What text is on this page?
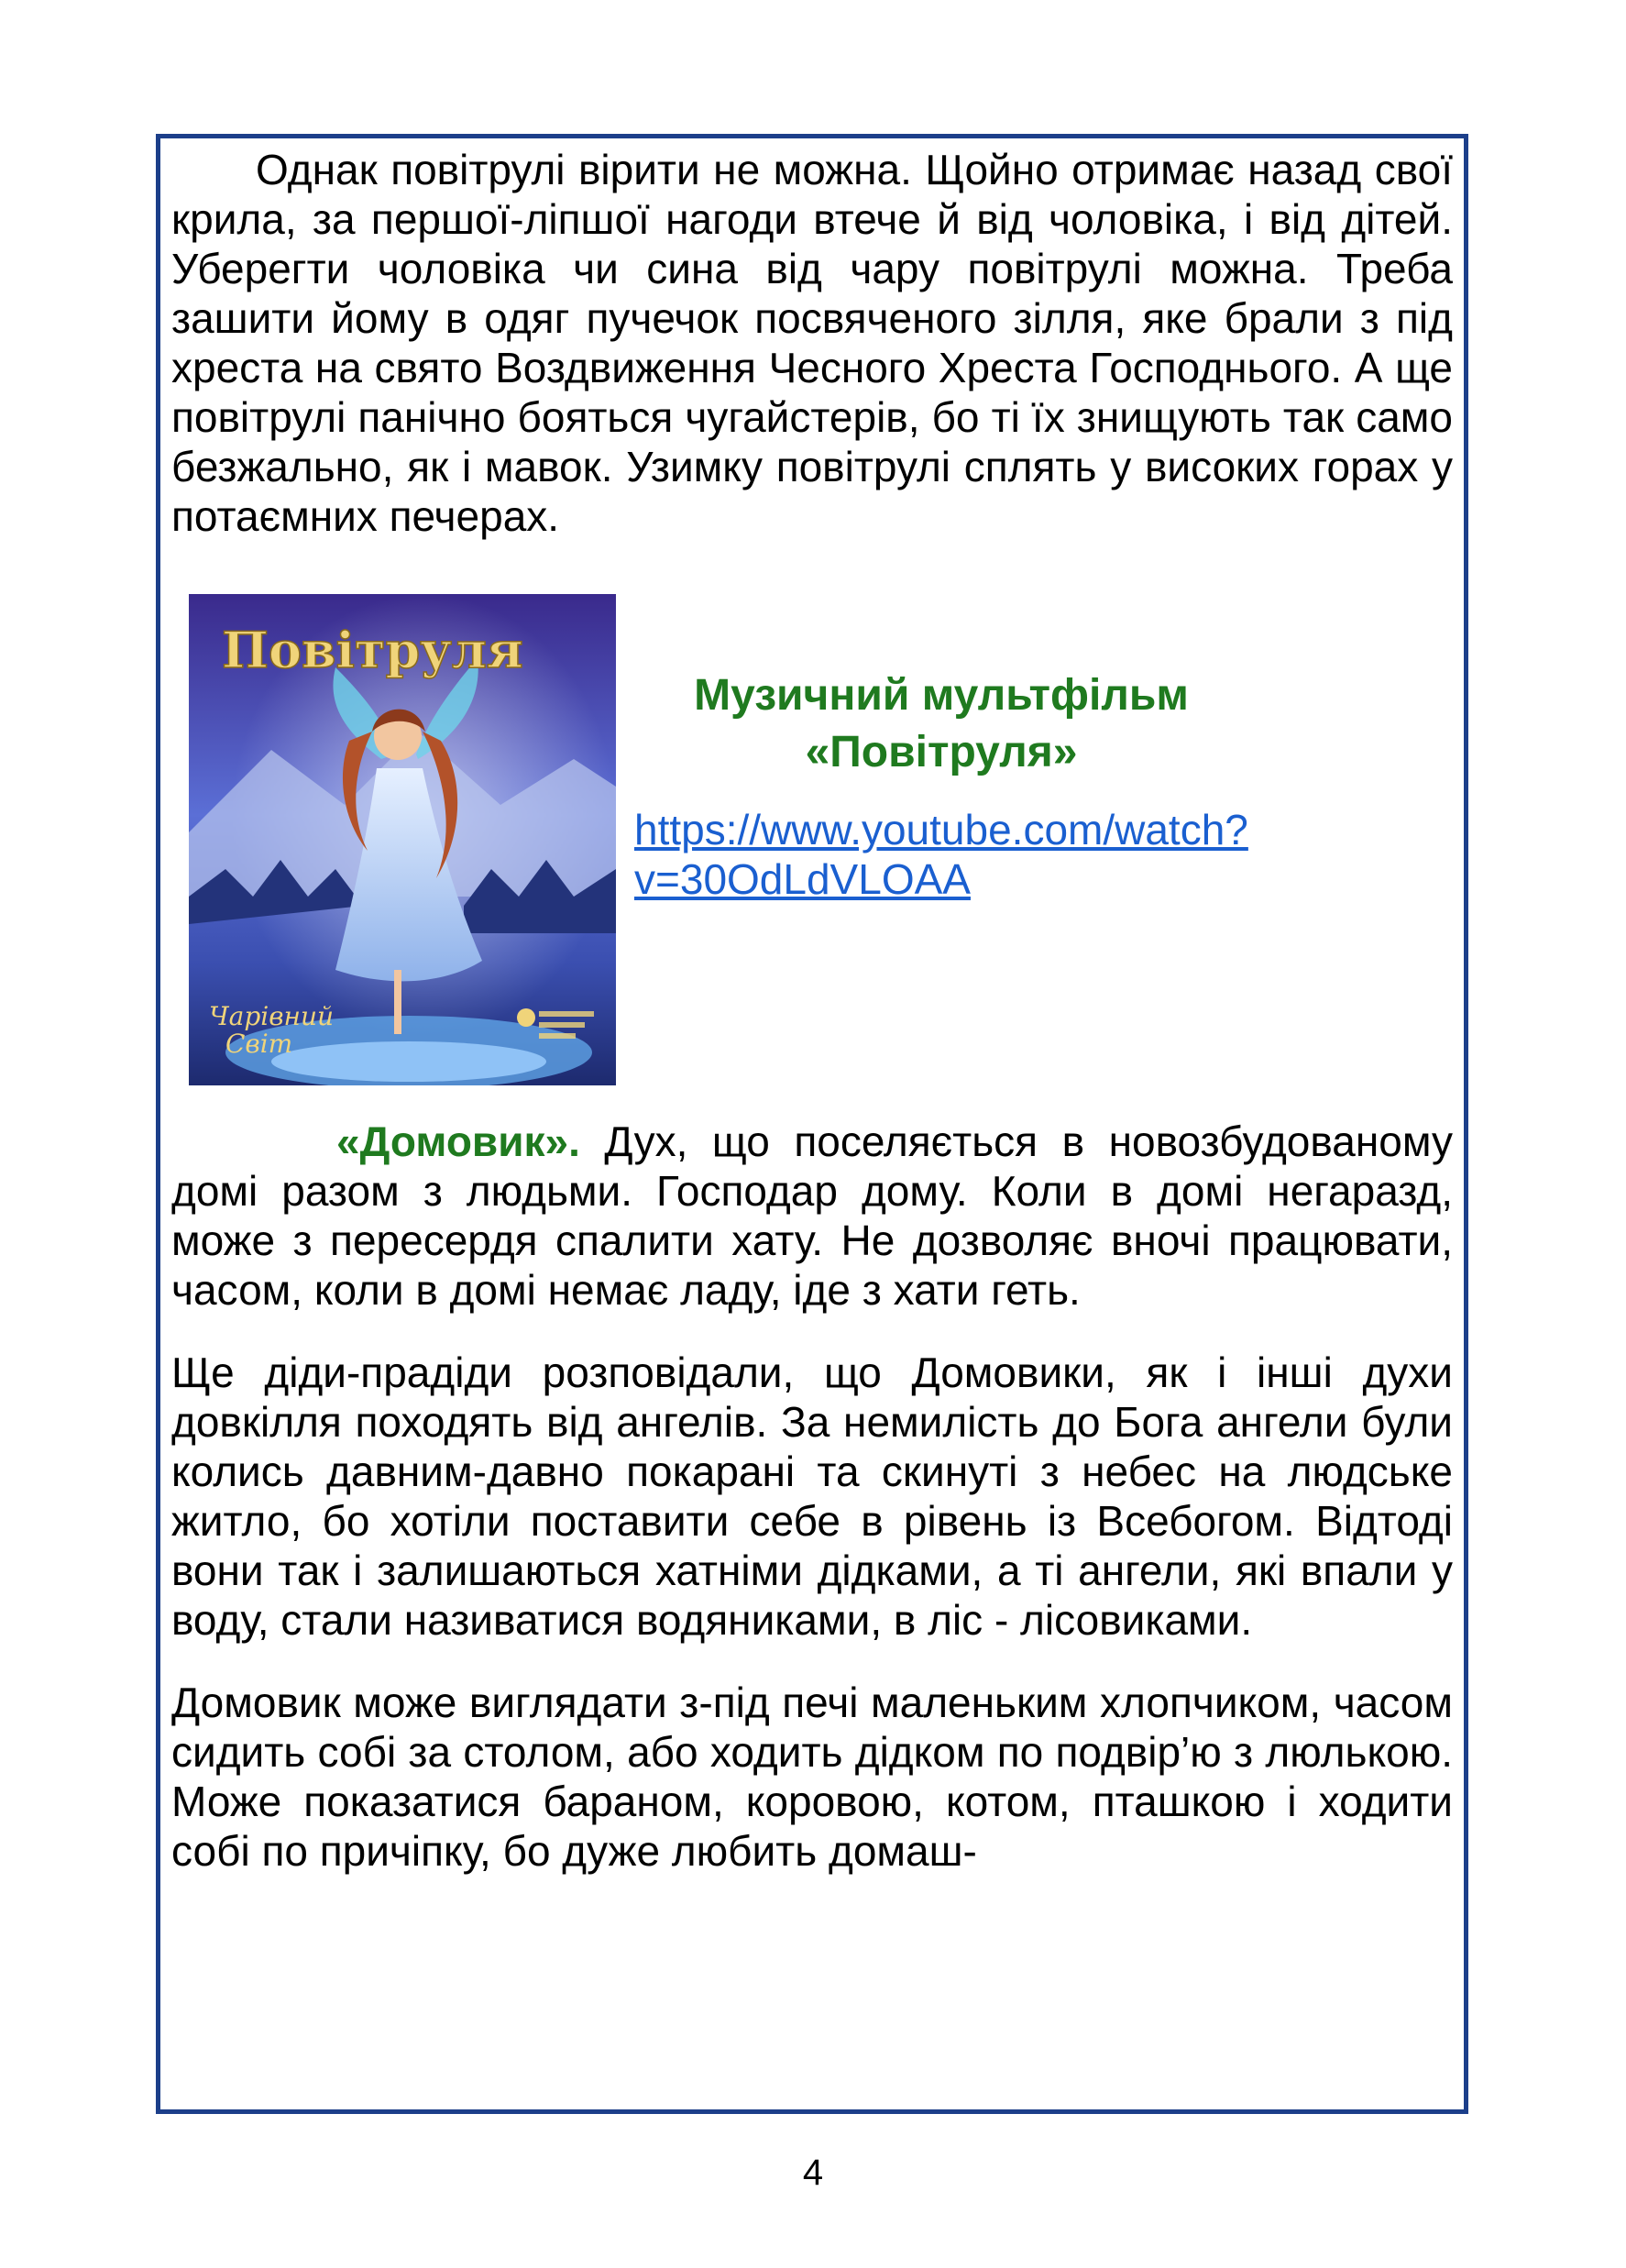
Однак повітрулі вірити не можна. Щойно отримає назад свої крила, за першої-ліпшої нагоди втече й від чоловіка, і від дітей. Уберегти чоловіка чи сина від чару повітрулі можна. Треба зашити йому в одяг пучечок посвяченого зілля, яке брали з під хреста на свято Воздвиження Чесного Хреста Господнього. А ще повітрулі панічно бояться чугайстерів, бо ті їх знищують так само безжально, як і мавок. Узимку повітрулі сплять у високих горах у потаємних печерах.

Повітруля
Чарівний
Світ
Музичний мультфільм
«Повітруля»
https://www.youtube.com/watch?
v=30OdLdVLOAA

«Домовик». Дух, що поселяється в новозбудованому домі разом з людьми. Господар дому. Коли в домі негаразд, може з пересердя спалити хату. Не дозволяє вночі працювати, часом, коли в домі немає ладу, іде з хати геть.

Ще діди-прадіди розповідали, що Домовики, як і інші духи довкілля походять від ангелів. За немилість до Бога ангели були колись давним-давно покарані та скинуті з небес на людське житло, бо хотіли поставити себе в рівень із Всебогом. Відтоді вони так і залишаються хатніми дідками, а ті ангели, які впали у воду, стали називатися водяниками, в ліс - лісовиками.

Домовик може виглядати з-під печі маленьким хлопчиком, часом сидить собі за столом, або ходить дідком по подвір’ю з люлькою. Може показатися бараном, коровою, котом, пташкою і ходити собі по причіпку, бо дуже любить домаш-

4
